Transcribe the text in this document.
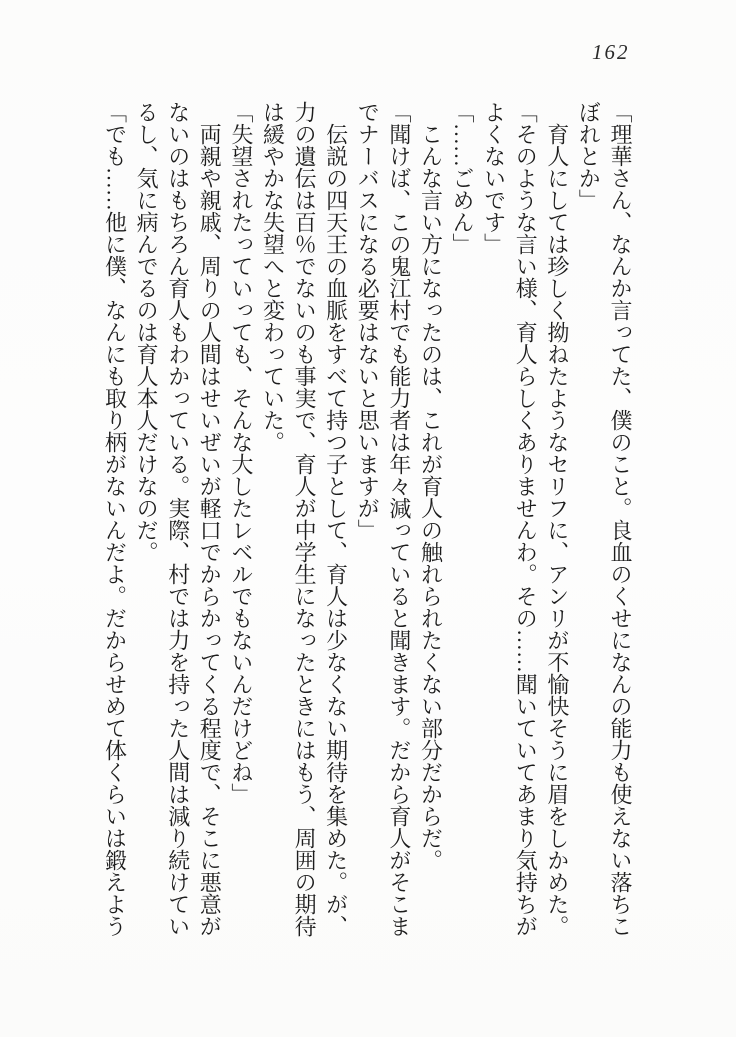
162

「理華さん、なんか言ってた、僕のこと。良血のくせになんの能力も使えない落ちこ

ぼれとか」

育人にしては珍しく拗ねたようなセリフに、アンリが不愉快そうに眉をしかめた。

「そのような言い様、育人らしくありませんわ。その……聞いていてあまり気持ちが

よくないです」

「……ごめん」

こんな言い方になったのは、これが育人の触れられたくない部分だからだ。

「聞けば、この鬼江村でも能力者は年々減っていると聞きます。だから育人がそこま

でナーバスになる必要はないと思いますが」

伝説の四天王の血脈をすべて持つ子として、育人は少なくない期待を集めた。が、

力の遺伝は百％でないのも事実で、育人が中学生になったときにはもう、周囲の期待

は緩やかな失望へと変わっていた。

「失望されたっていっても、そんな大したレベルでもないんだけどね」

両親や親戚、周りの人間はせいぜいが軽口でからかってくる程度で、そこに悪意が

ないのはもちろん育人もわかっている。実際、村では力を持った人間は減り続けてい

るし、気に病んでるのは育人本人だけなのだ。

「でも……他に僕、なんにも取り柄がないんだよ。だからせめて体くらいは鍛えよう
